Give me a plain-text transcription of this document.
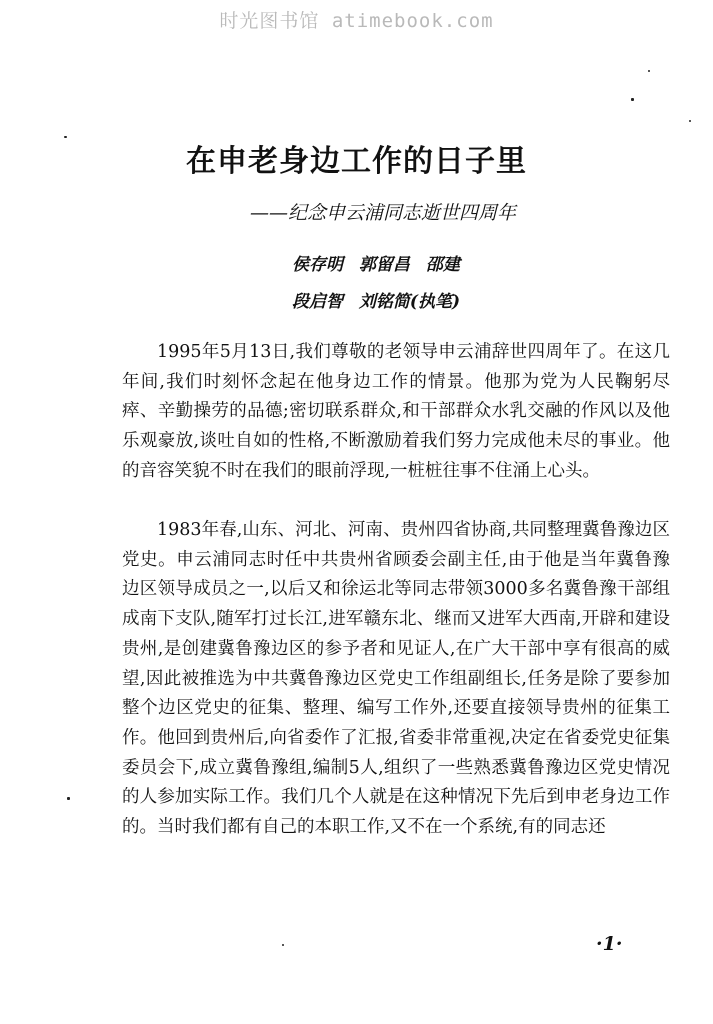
时光图书馆 atimebook.com
在申老身边工作的日子里
——纪念申云浦同志逝世四周年
侯存明 郭留昌 邵建
段启智 刘铭简(执笔)

1995年5月13日,我们尊敬的老领导申云浦辞世四周年了。在这几年间,我们时刻怀念起在他身边工作的情景。他那为党为人民鞠躬尽瘁、辛勤操劳的品德;密切联系群众,和干部群众水乳交融的作风以及他乐观豪放,谈吐自如的性格,不断激励着我们努力完成他未尽的事业。他的音容笑貌不时在我们的眼前浮现,一桩桩往事不住涌上心头。

1983年春,山东、河北、河南、贵州四省协商,共同整理冀鲁豫边区党史。申云浦同志时任中共贵州省顾委会副主任,由于他是当年冀鲁豫边区领导成员之一,以后又和徐运北等同志带领3000多名冀鲁豫干部组成南下支队,随军打过长江,进军赣东北、继而又进军大西南,开辟和建设贵州,是创建冀鲁豫边区的参予者和见证人,在广大干部中享有很高的威望,因此被推选为中共冀鲁豫边区党史工作组副组长,任务是除了要参加整个边区党史的征集、整理、编写工作外,还要直接领导贵州的征集工作。他回到贵州后,向省委作了汇报,省委非常重视,决定在省委党史征集委员会下,成立冀鲁豫组,编制5人,组织了一些熟悉冀鲁豫边区党史情况的人参加实际工作。我们几个人就是在这种情况下先后到申老身边工作的。当时我们都有自己的本职工作,又不在一个系统,有的同志还

·1·
